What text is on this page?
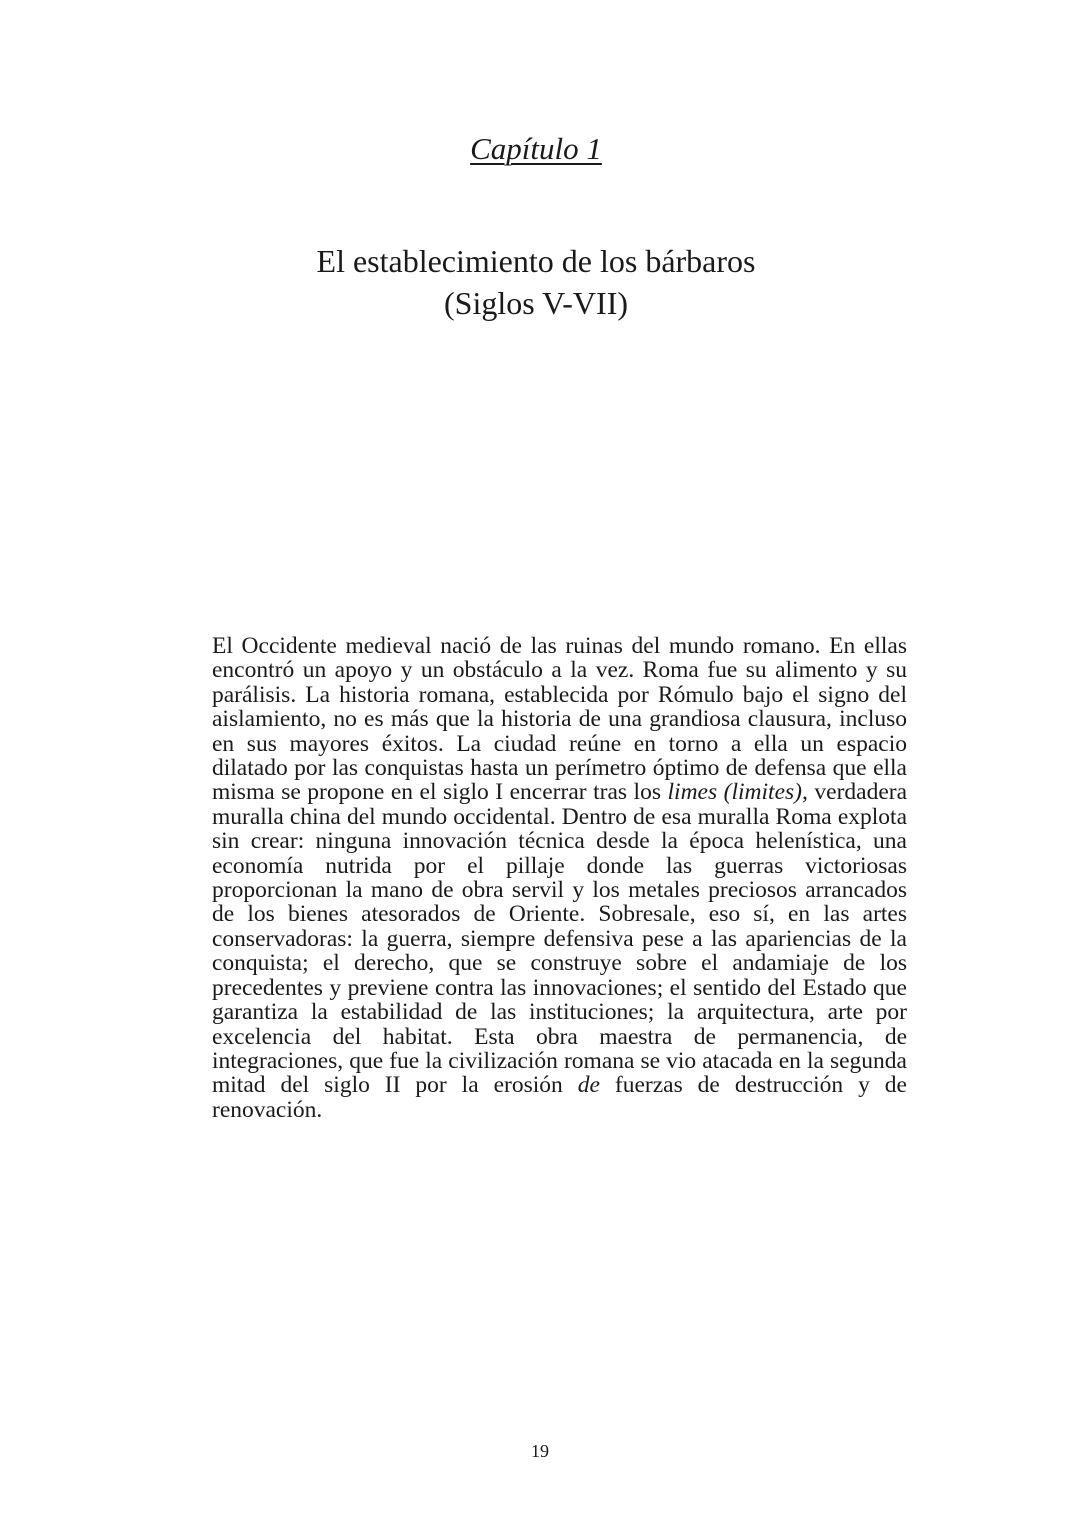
Capítulo 1
El establecimiento de los bárbaros
(Siglos V-VII)

El Occidente medieval nació de las ruinas del mundo romano. En ellas encontró un apoyo y un obstáculo a la vez. Roma fue su alimento y su parálisis. La historia romana, establecida por Rómulo bajo el signo del aislamiento, no es más que la historia de una grandiosa clausura, incluso en sus mayores éxitos. La ciudad reúne en torno a ella un espacio dilatado por las conquistas hasta un perímetro óptimo de defensa que ella misma se propone en el siglo I encerrar tras los limes (limites), verdadera muralla china del mundo occidental. Dentro de esa muralla Roma explota sin crear: ninguna innovación técnica desde la época helenística, una economía nutrida por el pillaje donde las guerras victoriosas proporcionan la mano de obra servil y los metales preciosos arrancados de los bienes atesorados de Oriente. Sobresale, eso sí, en las artes conservadoras: la guerra, siempre defensiva pese a las apariencias de la conquista; el derecho, que se construye sobre el andamiaje de los precedentes y previene contra las innovaciones; el sentido del Estado que garantiza la estabilidad de las instituciones; la arquitectura, arte por excelencia del habitat. Esta obra maestra de permanencia, de integraciones, que fue la civilización romana se vio atacada en la segunda mitad del siglo II por la erosión de fuerzas de destrucción y de renovación.

19
